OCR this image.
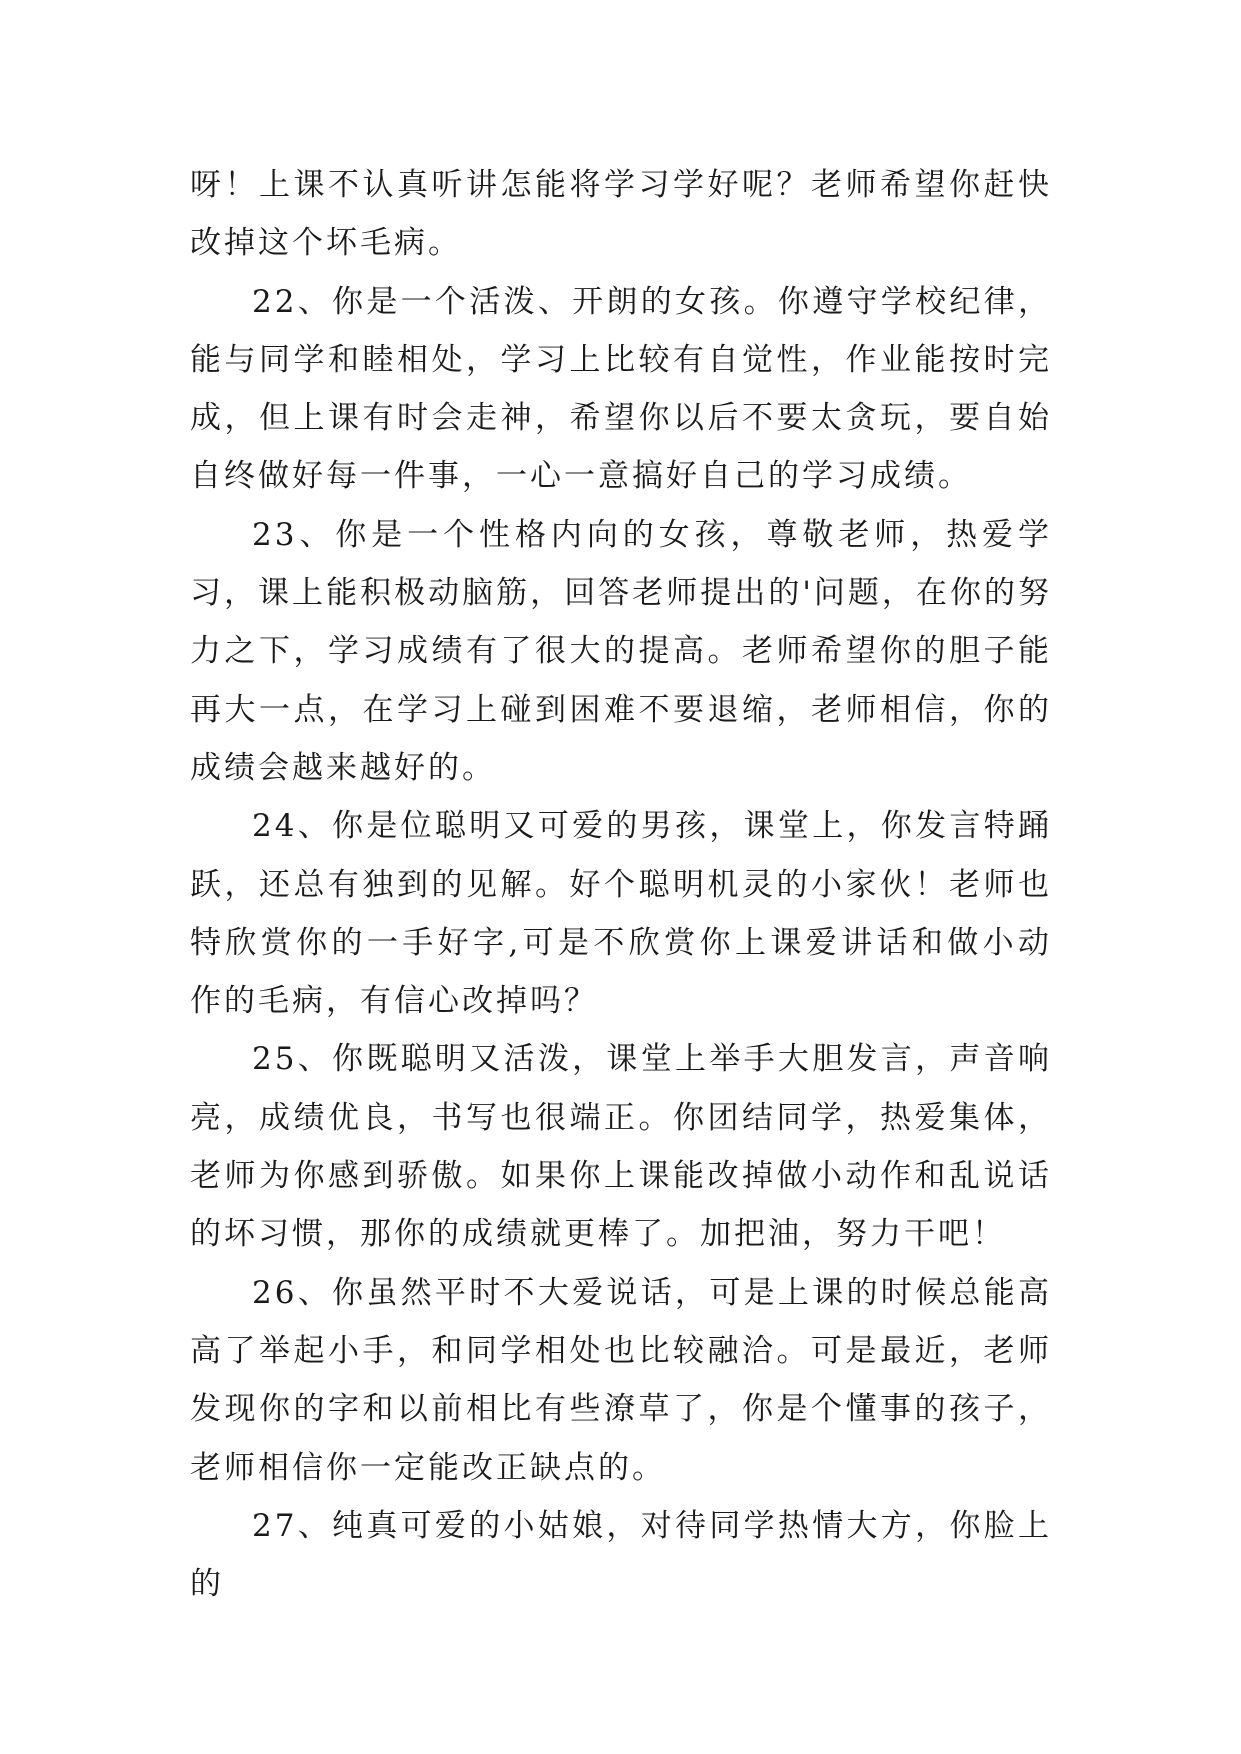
呀！上课不认真听讲怎能将学习学好呢？老师希望你赶快改掉这个坏毛病。

22、你是一个活泼、开朗的女孩。你遵守学校纪律，能与同学和睦相处，学习上比较有自觉性，作业能按时完成，但上课有时会走神，希望你以后不要太贪玩，要自始自终做好每一件事，一心一意搞好自己的学习成绩。

23、你是一个性格内向的女孩，尊敬老师，热爱学习，课上能积极动脑筋，回答老师提出的'问题，在你的努力之下，学习成绩有了很大的提高。老师希望你的胆子能再大一点，在学习上碰到困难不要退缩，老师相信，你的成绩会越来越好的。

24、你是位聪明又可爱的男孩，课堂上，你发言特踊跃，还总有独到的见解。好个聪明机灵的小家伙！老师也特欣赏你的一手好字,可是不欣赏你上课爱讲话和做小动作的毛病，有信心改掉吗？

25、你既聪明又活泼，课堂上举手大胆发言，声音响亮，成绩优良，书写也很端正。你团结同学，热爱集体，老师为你感到骄傲。如果你上课能改掉做小动作和乱说话的坏习惯，那你的成绩就更棒了。加把油，努力干吧！

26、你虽然平时不大爱说话，可是上课的时候总能高高了举起小手，和同学相处也比较融洽。可是最近，老师发现你的字和以前相比有些潦草了，你是个懂事的孩子，老师相信你一定能改正缺点的。

27、纯真可爱的小姑娘，对待同学热情大方，你脸上的
